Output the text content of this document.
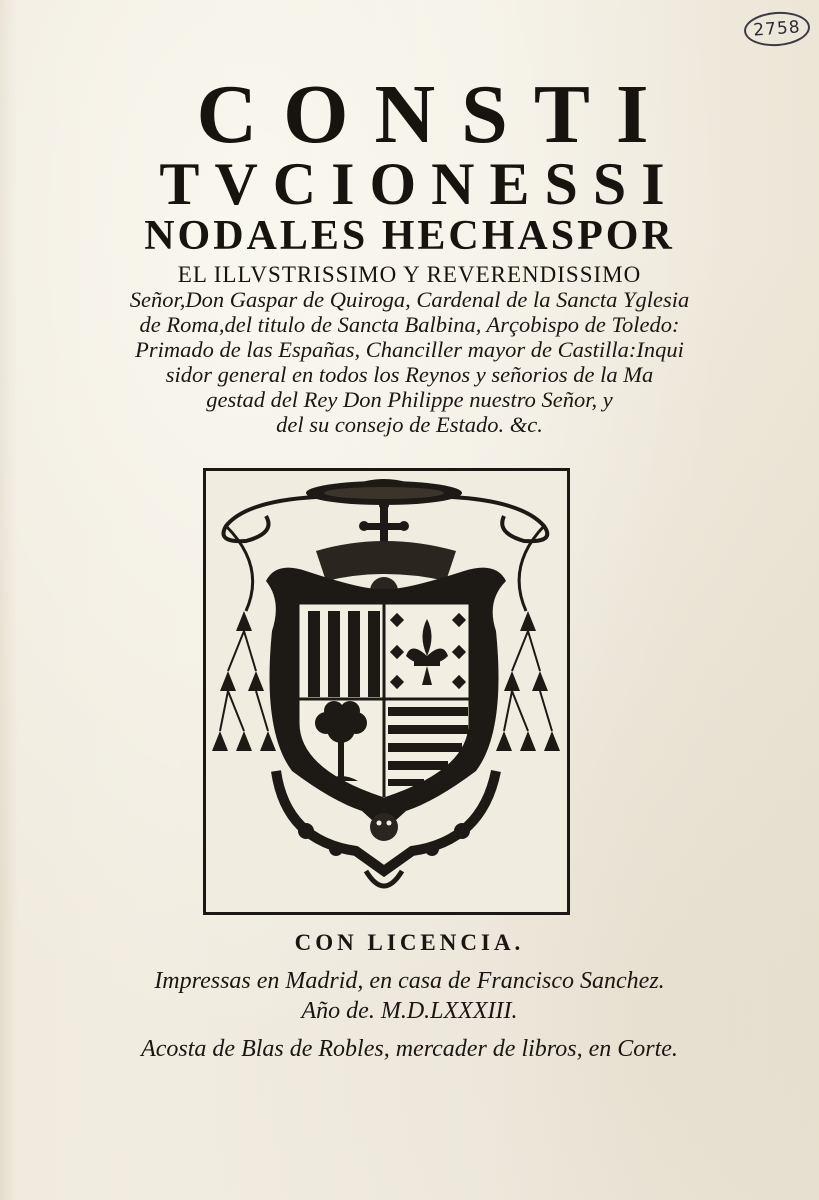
2758
CONSTI
TVCIONESSI
NODALES HECHASPOR
EL ILLVSTRISSIMO Y REVERENDISSIMO
Señor,Don Gaspar de Quiroga, Cardenal de la Sancta Yglesia
de Roma,del titulo de Sancta Balbina, Arçobispo de Toledo:
Primado de las Españas, Chanciller mayor de Castilla:Inqui
sidor general en todos los Reynos y señorios de la Ma
gestad del Rey Don Philippe nuestro Señor, y
del su consejo de Estado. &c.
CON LICENCIA.
Impressas en Madrid, en casa de Francisco Sanchez.
Año de. M.D.LXXXIII.
Acosta de Blas de Robles, mercader de libros, en Corte.
